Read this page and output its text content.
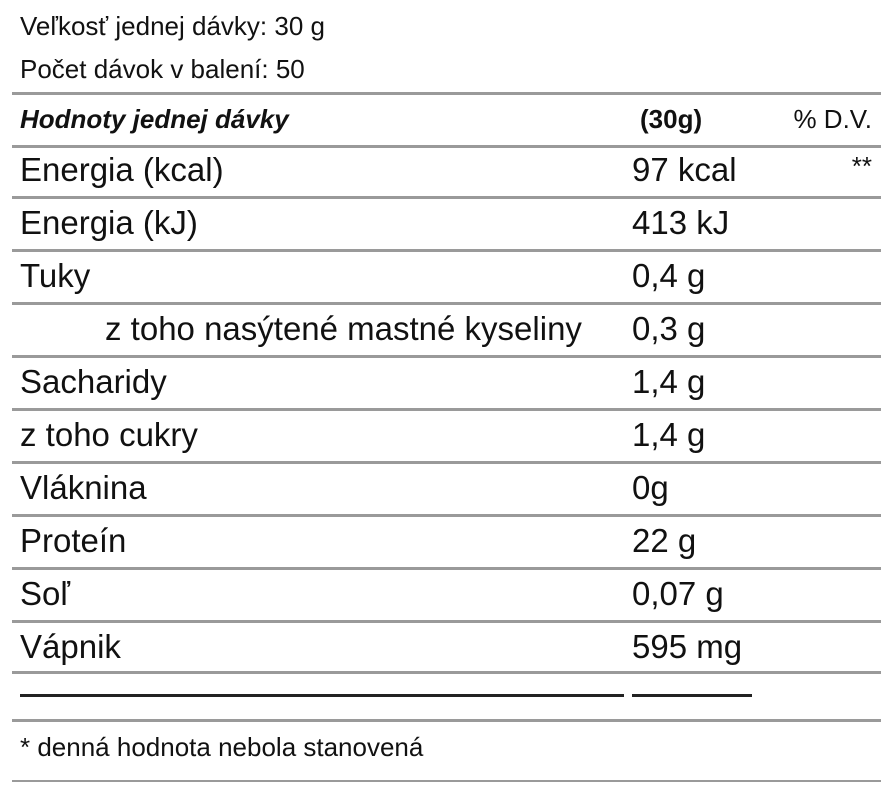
Veľkosť jednej dávky: 30 g
Počet dávok v balení: 50
Hodnoty jednej dávky	(30g)	% D.V.
Energia (kcal)	97 kcal	**
Energia (kJ)	413 kJ
Tuky	0,4 g
z toho nasýtené mastné kyseliny 0,3 g
Sacharidy	1,4 g
z toho cukry	1,4 g
Vláknina	0g
Proteín	22 g
Soľ	0,07 g
Vápnik	595 mg
* denná hodnota nebola stanovená
